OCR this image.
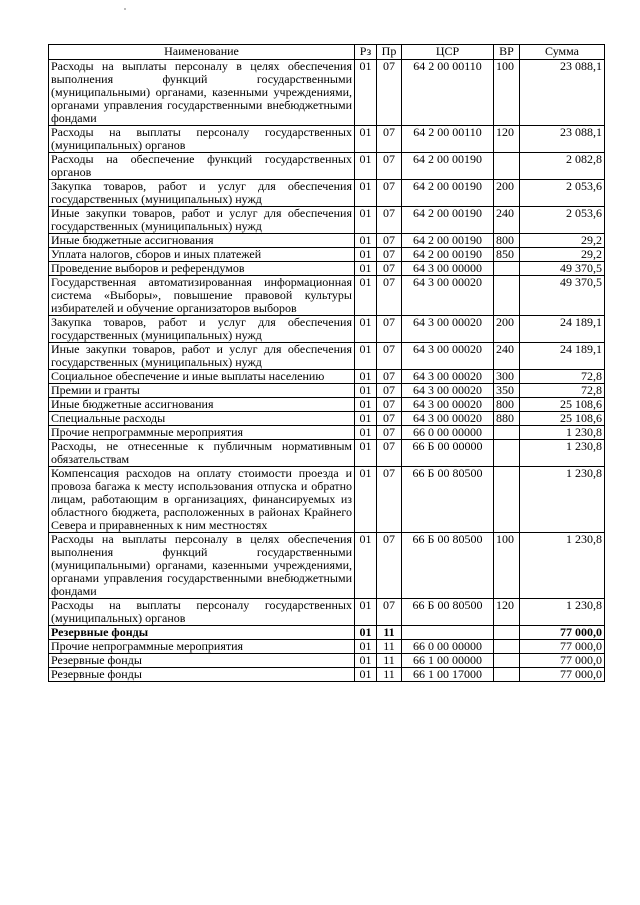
Наименование	Рз	Пр	ЦСР	ВР	Сумма
Расходы на выплаты персоналу в целях обеспечения выполнения функций государственными (муниципальными) органами, казенными учреждениями, органами управления государственными внебюджетными фондами	01	07	64 2 00 00110	100	23 088,1
Расходы на выплаты персоналу государственных (муниципальных) органов	01	07	64 2 00 00110	120	23 088,1
Расходы на обеспечение функций государственных органов	01	07	64 2 00 00190		2 082,8
Закупка товаров, работ и услуг для обеспечения государственных (муниципальных) нужд	01	07	64 2 00 00190	200	2 053,6
Иные закупки товаров, работ и услуг для обеспечения государственных (муниципальных) нужд	01	07	64 2 00 00190	240	2 053,6
Иные бюджетные ассигнования	01	07	64 2 00 00190	800	29,2
Уплата налогов, сборов и иных платежей	01	07	64 2 00 00190	850	29,2
Проведение выборов и референдумов	01	07	64 3 00 00000		49 370,5
Государственная автоматизированная информационная система «Выборы», повышение правовой культуры избирателей и обучение организаторов выборов	01	07	64 3 00 00020		49 370,5
Закупка товаров, работ и услуг для обеспечения государственных (муниципальных) нужд	01	07	64 3 00 00020	200	24 189,1
Иные закупки товаров, работ и услуг для обеспечения государственных (муниципальных) нужд	01	07	64 3 00 00020	240	24 189,1
Социальное обеспечение и иные выплаты населению	01	07	64 3 00 00020	300	72,8
Премии и гранты	01	07	64 3 00 00020	350	72,8
Иные бюджетные ассигнования	01	07	64 3 00 00020	800	25 108,6
Специальные расходы	01	07	64 3 00 00020	880	25 108,6
Прочие непрограммные мероприятия	01	07	66 0 00 00000		1 230,8
Расходы, не отнесенные к публичным нормативным обязательствам	01	07	66 Б 00 00000		1 230,8
Компенсация расходов на оплату стоимости проезда и провоза багажа к месту использования отпуска и обратно лицам, работающим в организациях, финансируемых из областного бюджета, расположенных в районах Крайнего Севера и приравненных к ним местностях	01	07	66 Б 00 80500		1 230,8
Расходы на выплаты персоналу в целях обеспечения выполнения функций государственными (муниципальными) органами, казенными учреждениями, органами управления государственными внебюджетными фондами	01	07	66 Б 00 80500	100	1 230,8
Расходы на выплаты персоналу государственных (муниципальных) органов	01	07	66 Б 00 80500	120	1 230,8
Резервные фонды	01	11			77 000,0
Прочие непрограммные мероприятия	01	11	66 0 00 00000		77 000,0
Резервные фонды	01	11	66 1 00 00000		77 000,0
Резервные фонды	01	11	66 1 00 17000		77 000,0
